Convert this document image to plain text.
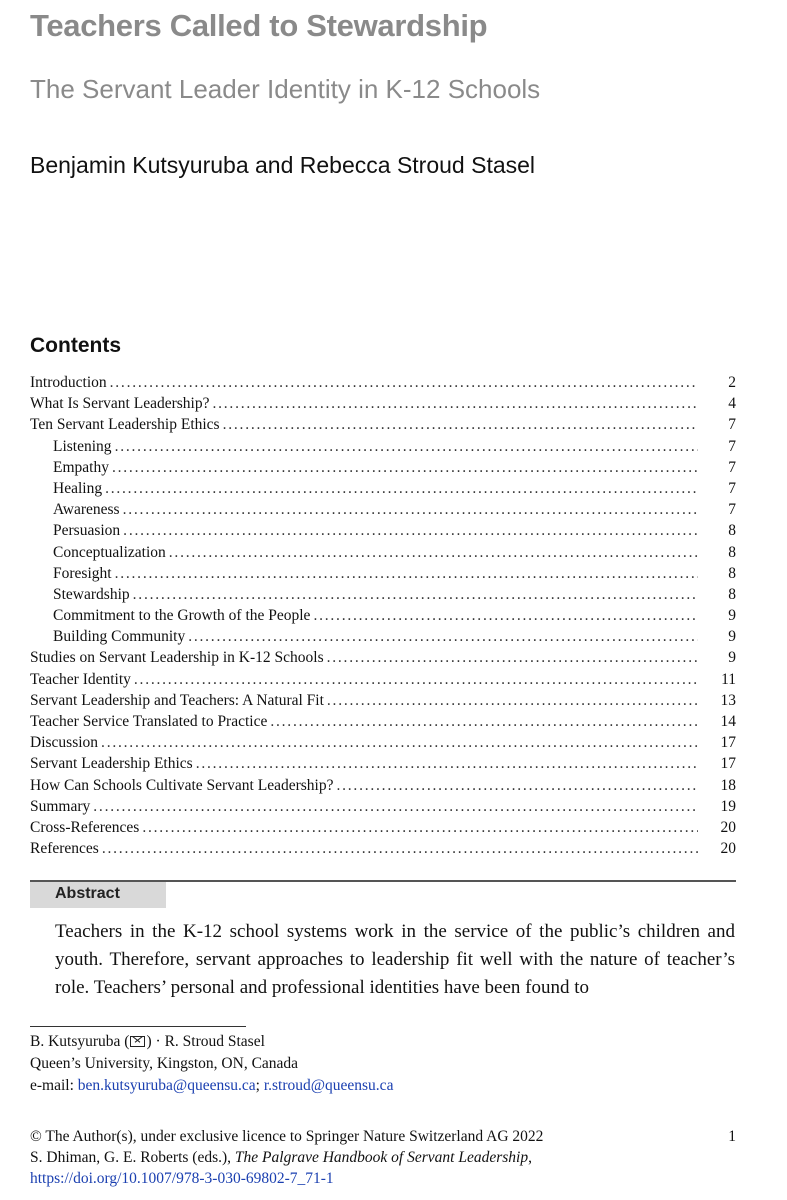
Teachers Called to Stewardship
The Servant Leader Identity in K-12 Schools
Benjamin Kutsyuruba and Rebecca Stroud Stasel
Contents
Introduction . . .	2
What Is Servant Leadership? . . .	4
Ten Servant Leadership Ethics . . .	7
Listening . . .	7
Empathy . . .	7
Healing . . .	7
Awareness . . .	7
Persuasion . . .	8
Conceptualization . . .	8
Foresight . . .	8
Stewardship . . .	8
Commitment to the Growth of the People . . .	9
Building Community . . .	9
Studies on Servant Leadership in K-12 Schools . . .	9
Teacher Identity . . .	11
Servant Leadership and Teachers: A Natural Fit . . .	13
Teacher Service Translated to Practice . . .	14
Discussion . . .	17
Servant Leadership Ethics . . .	17
How Can Schools Cultivate Servant Leadership? . . .	18
Summary . . .	19
Cross-References . . .	20
References . . .	20
Abstract

Teachers in the K-12 school systems work in the service of the public’s children and youth. Therefore, servant approaches to leadership fit well with the nature of teacher’s role. Teachers’ personal and professional identities have been found to

B. Kutsyuruba ( ) · R. Stroud Stasel
Queen’s University, Kingston, ON, Canada
e-mail: ben.kutsyuruba@queensu.ca; r.stroud@queensu.ca
© The Author(s), under exclusive licence to Springer Nature Switzerland AG 2022	1
S. Dhiman, G. E. Roberts (eds.),
The Palgrave Handbook of Servant Leadership ,
https://doi.org/10.1007/978-3-030-69802-7_71-1
